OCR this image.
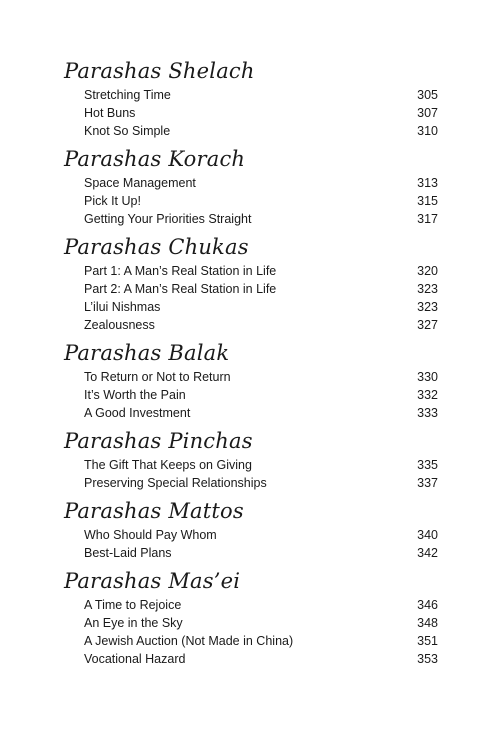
Parashas Shelach
Stretching Time	305
Hot Buns	307
Knot So Simple	310
Parashas Korach
Space Management	313
Pick It Up!	315
Getting Your Priorities Straight	317
Parashas Chukas
Part 1: A Man’s Real Station in Life	320
Part 2: A Man’s Real Station in Life	323
L’ilui Nishmas	323
Zealousness	327
Parashas Balak
To Return or Not to Return	330
It’s Worth the Pain	332
A Good Investment	333
Parashas Pinchas
The Gift That Keeps on Giving	335
Preserving Special Relationships	337
Parashas Mattos
Who Should Pay Whom	340
Best-Laid Plans	342
Parashas Mas’ei
A Time to Rejoice	346
An Eye in the Sky	348
A Jewish Auction (Not Made in China)	351
Vocational Hazard	353
